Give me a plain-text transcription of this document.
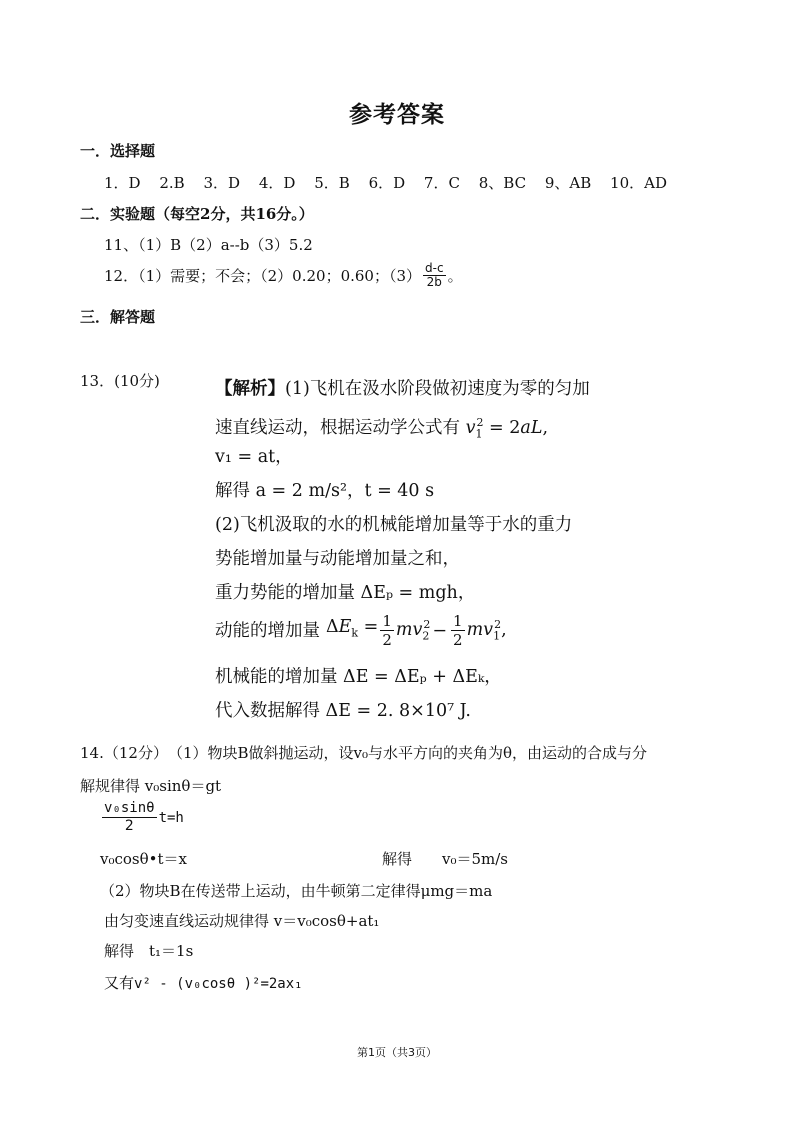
参考答案
一．选择题
1．D 2.B 3．D 4．D 5．B 6．D 7．C 8、BC 9、AB 10．AD
二．实验题（每空2分，共16分。）
11、（1）B（2）a--b（3）5.2
12．（1）需要；不会；（2）0.20；0.60；$(3) \frac{d-c}{2b}$ 。
三．解答题
13．(10分)	【解析】(1)飞机在汲水阶段做初速度为零的匀加
速直线运动，根据运动学公式有 $v_1^2 = 2aL$,
v₁ = at，
解得 a = 2 m/s²，t = 40 s
(2)飞机汲取的水的机械能增加量等于水的重力
势能增加量与动能增加量之和，
重力势能的增加量 ΔEₚ = mgh，
动能的增加量 $\Delta E_k = \frac{1}{2} mv_2^2 - \frac{1}{2} mv_1^2$,
机械能的增加量 ΔE = ΔEₚ + ΔEₖ，
代入数据解得 ΔE = 2. 8×10⁷ J.
14.（12分）　（1）物块B做斜抛运动，设v₀与水平方向的夹角为θ，由运动的合成与分
解规律得 v₀sinθ＝gt
$\frac{\text{v₀sinθ}}{2} t=h$
v₀cosθ•t＝x	解得　　v₀＝5m/s
（2）物块B在传送带上运动，由牛顿第二定律得μmg＝ma
由匀变速直线运动规律得 v＝v₀cosθ+at₁
解得　t₁＝1s
又有v² - (v₀cosθ )²=2ax₁
第1页（共3页）
